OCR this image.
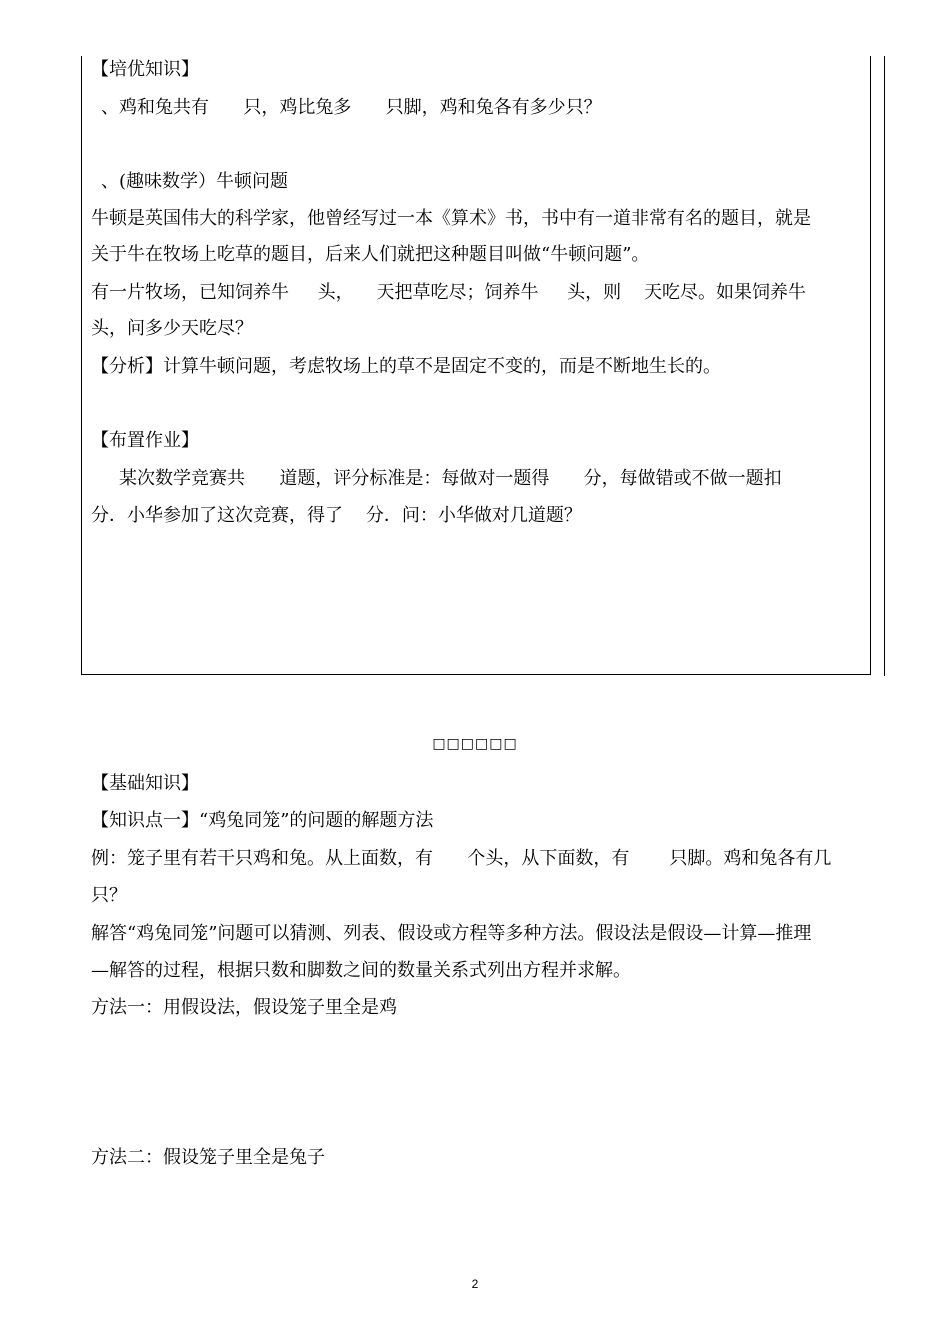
【培优知识】

、鸡和兔共有      只，鸡比兔多      只脚，鸡和兔各有多少只？

、(趣味数学）牛顿问题

牛顿是英国伟大的科学家，他曾经写过一本《算术》书，书中有一道非常有名的题目，就是

关于牛在牧场上吃草的题目，后来人们就把这种题目叫做“牛顿问题”。

有一片牧场，已知饲养牛     头，    天把草吃尽；饲养牛     头，则    天吃尽。如果饲养牛

头，问多少天吃尽？

【分析】计算牛顿问题，考虑牧场上的草不是固定不变的，而是不断地生长的。

【布置作业】

某次数学竞赛共      道题，评分标准是：每做对一题得      分，每做错或不做一题扣

分．小华参加了这次竞赛，得了    分．问：小华做对几道题？

□□□□□□

【基础知识】

【知识点一】“鸡兔同笼”的问题的解题方法

例：笼子里有若干只鸡和兔。从上面数，有      个头，从下面数，有       只脚。鸡和兔各有几

只？

解答“鸡兔同笼”问题可以猜测、列表、假设或方程等多种方法。假设法是假设—计算—推理

—解答的过程，根据只数和脚数之间的数量关系式列出方程并求解。

方法一：用假设法，假设笼子里全是鸡

方法二：假设笼子里全是兔子

2
